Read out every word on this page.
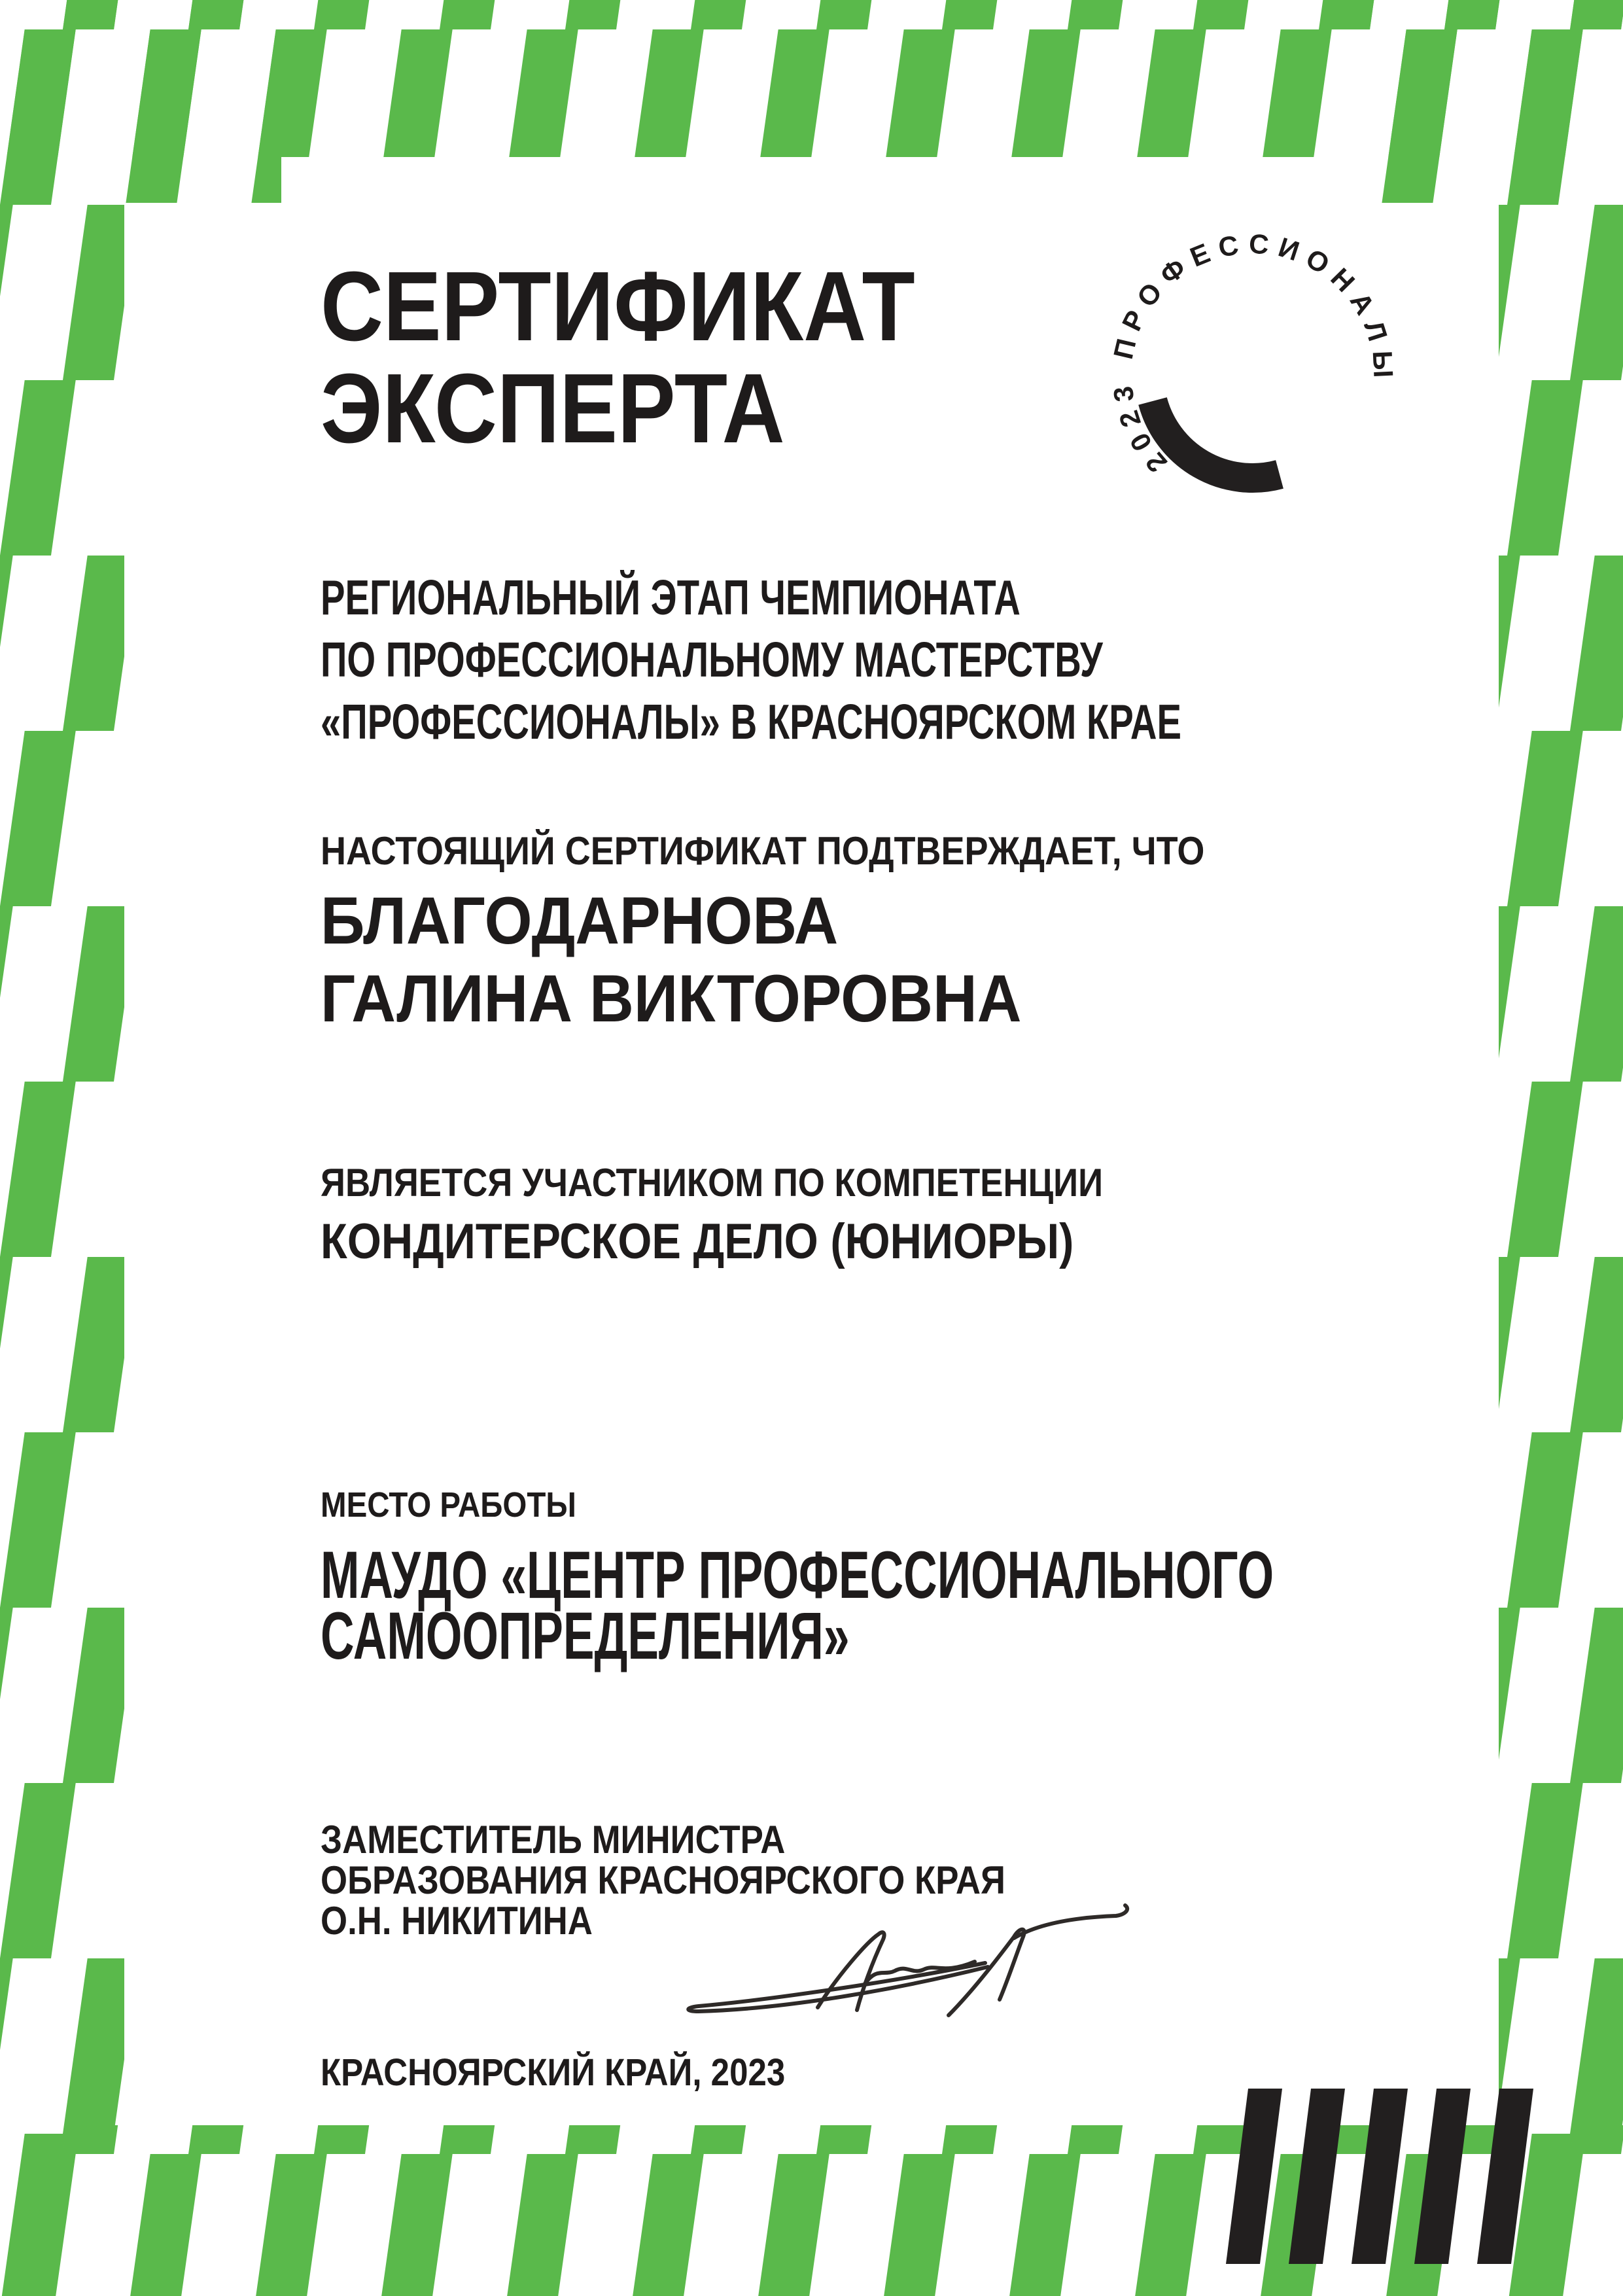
2023 ПРОФЕССИОНАЛЫ
СЕРТИФИКАТ
ЭКСПЕРТА
РЕГИОНАЛЬНЫЙ ЭТАП ЧЕМПИОНАТА
ПО ПРОФЕССИОНАЛЬНОМУ МАСТЕРСТВУ
«ПРОФЕССИОНАЛЫ» В КРАСНОЯРСКОМ КРАЕ
НАСТОЯЩИЙ СЕРТИФИКАТ ПОДТВЕРЖДАЕТ, ЧТО
БЛАГОДАРНОВА
ГАЛИНА ВИКТОРОВНА
ЯВЛЯЕТСЯ УЧАСТНИКОМ ПО КОМПЕТЕНЦИИ
КОНДИТЕРСКОЕ ДЕЛО (ЮНИОРЫ)
МЕСТО РАБОТЫ
МАУДО «ЦЕНТР ПРОФЕССИОНАЛЬНОГО
САМООПРЕДЕЛЕНИЯ»
ЗАМЕСТИТЕЛЬ МИНИСТРА
ОБРАЗОВАНИЯ КРАСНОЯРСКОГО КРАЯ
О.Н. НИКИТИНА
КРАСНОЯРСКИЙ КРАЙ, 2023
